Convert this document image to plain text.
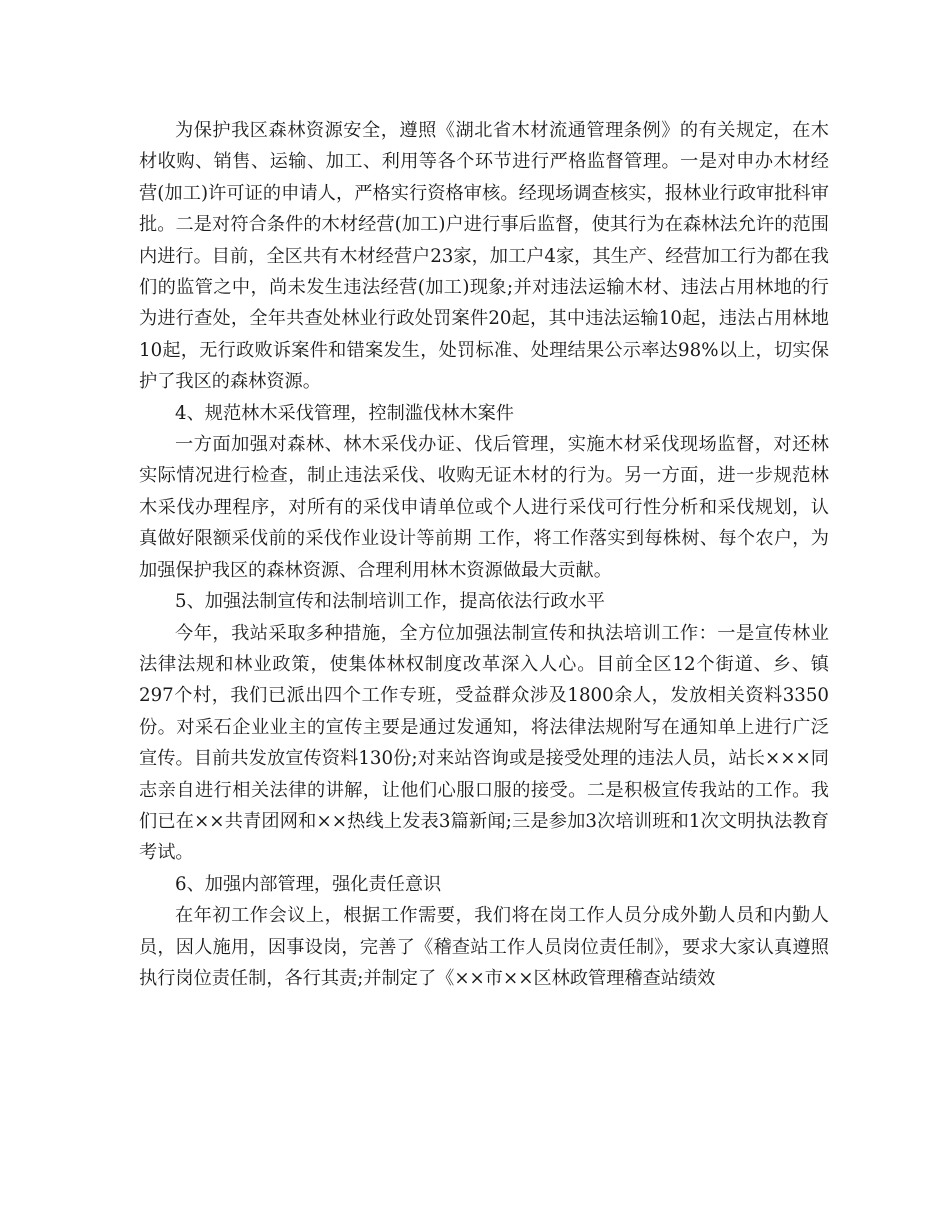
为保护我区森林资源安全，遵照《湖北省木材流通管理条例》的有关规定，在木材收购、销售、运输、加工、利用等各个环节进行严格监督管理。一是对申办木材经营(加工)许可证的申请人，严格实行资格审核。经现场调查核实，报林业行政审批科审批。二是对符合条件的木材经营(加工)户进行事后监督，使其行为在森林法允许的范围内进行。目前，全区共有木材经营户23家，加工户4家，其生产、经营加工行为都在我们的监管之中，尚未发生违法经营(加工)现象;并对违法运输木材、违法占用林地的行为进行查处，全年共查处林业行政处罚案件20起，其中违法运输10起，违法占用林地10起，无行政败诉案件和错案发生，处罚标准、处理结果公示率达98%以上，切实保护了我区的森林资源。

4、规范林木采伐管理，控制滥伐林木案件

一方面加强对森林、林木采伐办证、伐后管理，实施木材采伐现场监督，对还林实际情况进行检查，制止违法采伐、收购无证木材的行为。另一方面，进一步规范林木采伐办理程序，对所有的采伐申请单位或个人进行采伐可行性分析和采伐规划，认真做好限额采伐前的采伐作业设计等前期 工作，将工作落实到每株树、每个农户，为加强保护我区的森林资源、合理利用林木资源做最大贡献。

5、加强法制宣传和法制培训工作，提高依法行政水平

今年，我站采取多种措施，全方位加强法制宣传和执法培训工作：一是宣传林业法律法规和林业政策，使集体林权制度改革深入人心。目前全区12个街道、乡、镇297个村，我们已派出四个工作专班，受益群众涉及1800余人，发放相关资料3350份。对采石企业业主的宣传主要是通过发通知，将法律法规附写在通知单上进行广泛宣传。目前共发放宣传资料130份;对来站咨询或是接受处理的违法人员，站长×××同志亲自进行相关法律的讲解，让他们心服口服的接受。二是积极宣传我站的工作。我们已在××共青团网和××热线上发表3篇新闻;三是参加3次培训班和1次文明执法教育考试。

6、加强内部管理，强化责任意识

在年初工作会议上，根据工作需要，我们将在岗工作人员分成外勤人员和内勤人员，因人施用，因事设岗，完善了《稽查站工作人员岗位责任制》，要求大家认真遵照执行岗位责任制，各行其责;并制定了《××市××区林政管理稽查站绩效
